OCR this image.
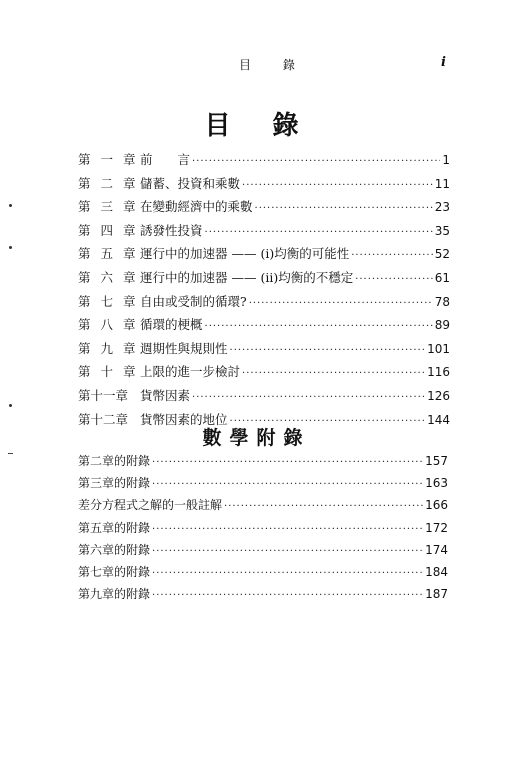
目 錄	i
目錄
第 一 章 前　　言 ·····	1
第 二 章 儲蓄、投資和乘數 ·····	11
第 三 章 在變動經濟中的乘數 ·····	23
第 四 章 誘發性投資 ·····	35
第 五 章 運行中的加速器 —— (i)均衡的可能性 ·····	52
第 六 章 運行中的加速器 —— (ii)均衡的不穩定 ·····	61
第 七 章 自由或受制的循環? ·····	78
第 八 章 循環的梗概 ·····	89
第 九 章 週期性與規則性 ·····	101
第 十 章 上限的進一步檢討 ·····	116
第十一章 貨幣因素 ·····	126
第十二章 貨幣因素的地位 ·····	144
數學附錄
第二章的附錄 ·····	157
第三章的附錄 ·····	163
差分方程式之解的一般註解 ·····	166
第五章的附錄 ·····	172
第六章的附錄 ·····	174
第七章的附錄 ·····	184
第九章的附錄 ·····	187
